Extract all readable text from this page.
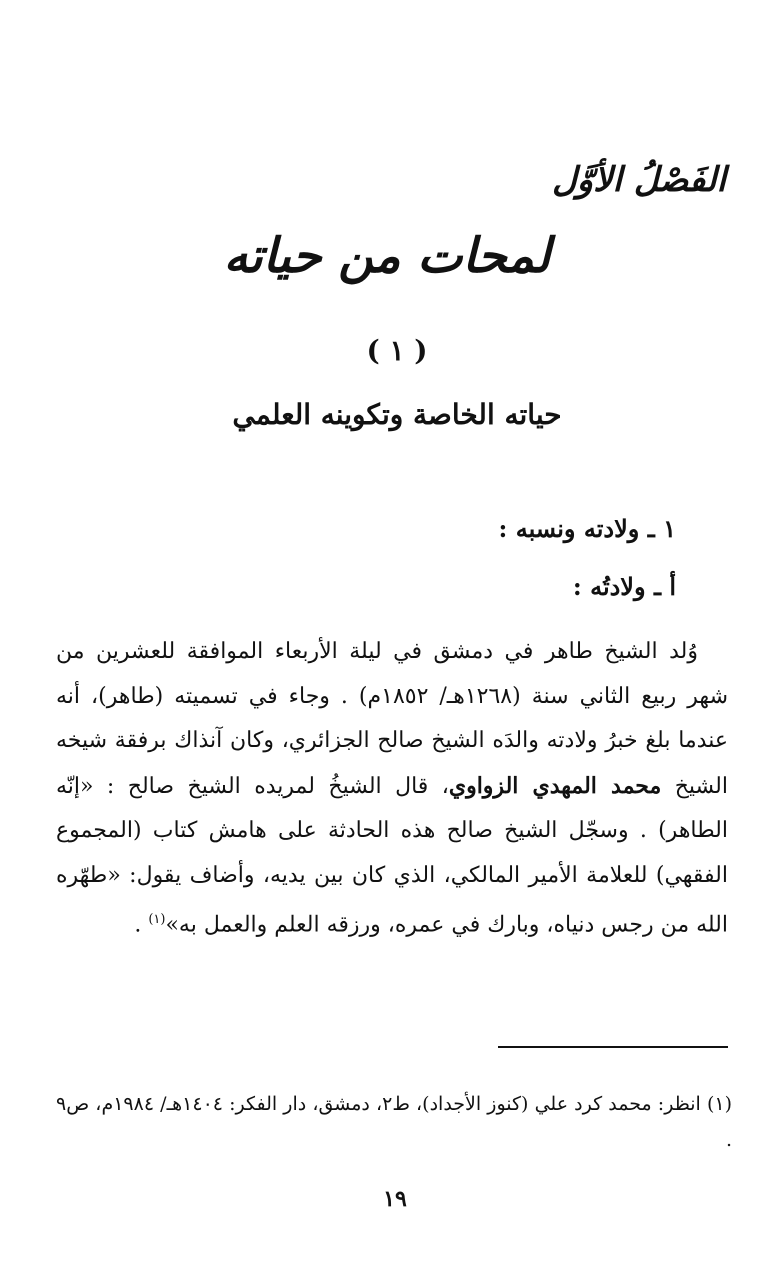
الفَصْلُ الأوَّل
لمحات من حياته
( ١ )
حياته الخاصة وتكوينه العلمي
١ ـ ولادته ونسبه :
أ ـ ولادتُه :

وُلد الشيخ طاهر في دمشق في ليلة الأربعاء الموافقة للعشرين من شهر ربيع الثاني سنة (١٢٦٨هـ/ ١٨٥٢م) . وجاء في تسميته (طاهر)، أنه عندما بلغ خبرُ ولادته والدَه الشيخ صالح الجزائري، وكان آنذاك برفقة شيخه الشيخ محمد المهدي الزواوي، قال الشيخُ لمريده الشيخ صالح : «إنّه الطاهر) . وسجّل الشيخ صالح هذه الحادثة على هامش كتاب (المجموع الفقهي) للعلامة الأمير المالكي، الذي كان بين يديه، وأضاف يقول: «طهّره الله من رجس دنياه، وبارك في عمره، ورزقه العلم والعمل به»$^{(١)}$ .

(١) انظر: محمد كرد علي (كنوز الأجداد)، ط٢، دمشق، دار الفكر: ١٤٠٤هـ/ ١٩٨٤م، ص٩ .
١٩
